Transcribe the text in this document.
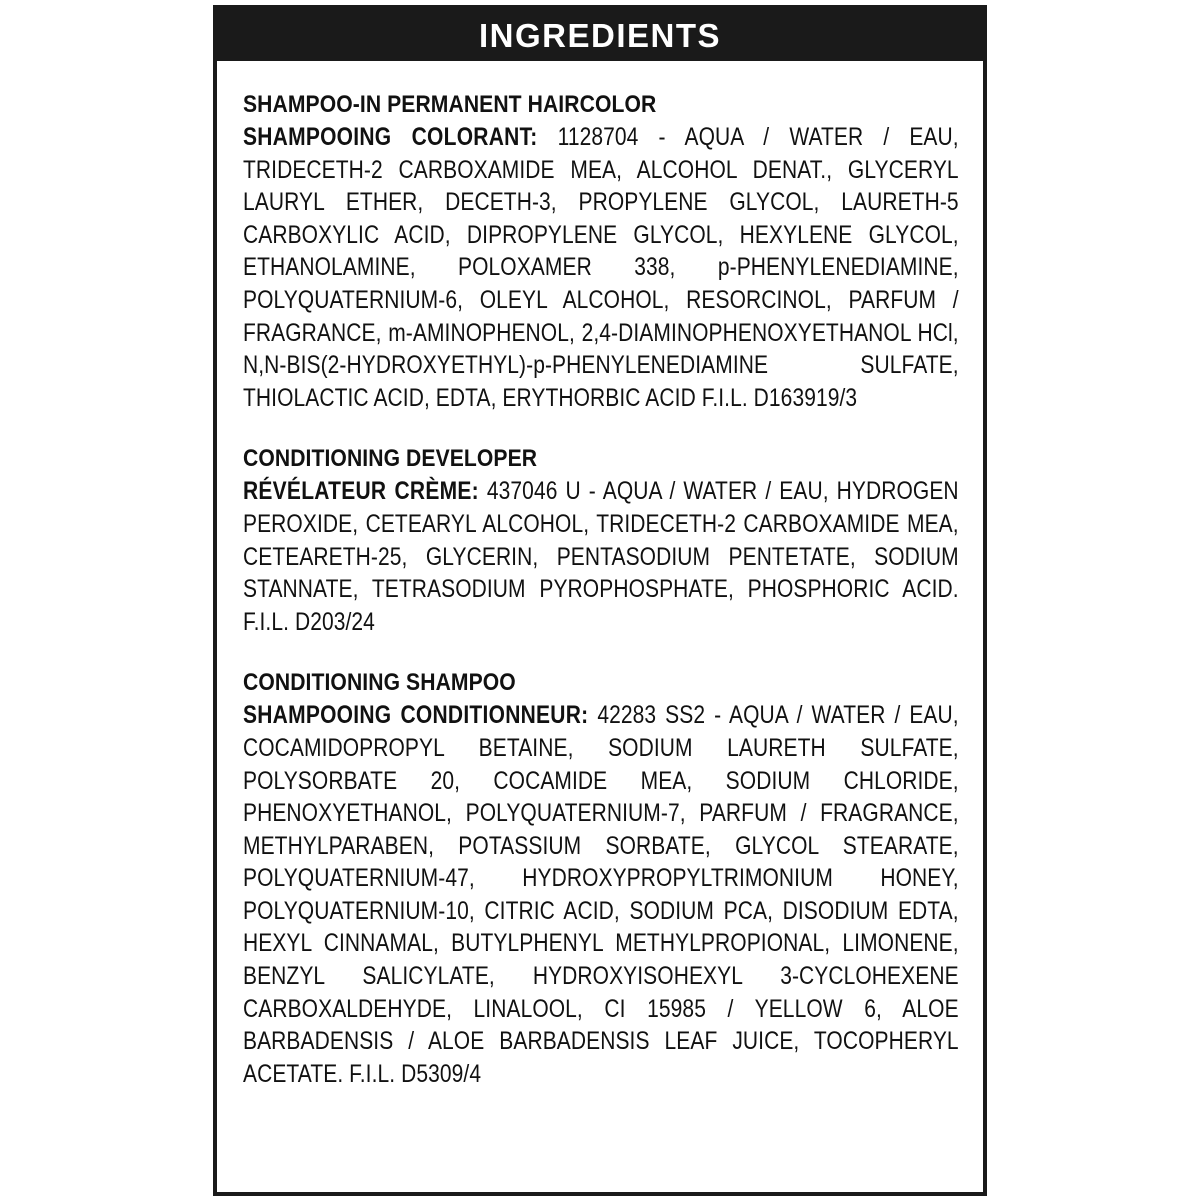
INGREDIENTS
SHAMPOO-IN PERMANENT HAIRCOLOR
SHAMPOOING COLORANT: 1128704 - AQUA / WATER / EAU, TRIDECETH-2 CARBOXAMIDE MEA, ALCOHOL DENAT., GLYCERYL LAURYL ETHER, DECETH-3, PROPYLENE GLYCOL, LAURETH-5 CARBOXYLIC ACID, DIPROPYLENE GLYCOL, HEXYLENE GLYCOL, ETHANOLAMINE, POLOXAMER 338, p-PHENYLENEDIAMINE, POLYQUATERNIUM-6, OLEYL ALCOHOL, RESORCINOL, PARFUM / FRAGRANCE, m-AMINOPHENOL, 2,4-DIAMINOPHENOXYETHANOL HCl, N,N-BIS(2-HYDROXYETHYL)-p-PHENYLENEDIAMINE SULFATE, THIOLACTIC ACID, EDTA, ERYTHORBIC ACID F.I.L. D163919/3
CONDITIONING DEVELOPER
RÉVÉLATEUR CRÈME: 437046 U - AQUA / WATER / EAU, HYDROGEN PEROXIDE, CETEARYL ALCOHOL, TRIDECETH-2 CARBOXAMIDE MEA, CETEARETH-25, GLYCERIN, PENTASODIUM PENTETATE, SODIUM STANNATE, TETRASODIUM PYROPHOSPHATE, PHOSPHORIC ACID. F.I.L. D203/24
CONDITIONING SHAMPOO
SHAMPOOING CONDITIONNEUR: 42283 SS2 - AQUA / WATER / EAU, COCAMIDOPROPYL BETAINE, SODIUM LAURETH SULFATE, POLYSORBATE 20, COCAMIDE MEA, SODIUM CHLORIDE, PHENOXYETHANOL, POLYQUATERNIUM-7, PARFUM / FRAGRANCE, METHYLPARABEN, POTASSIUM SORBATE, GLYCOL STEARATE, POLYQUATERNIUM-47, HYDROXYPROPYLTRIMONIUM HONEY, POLYQUATERNIUM-10, CITRIC ACID, SODIUM PCA, DISODIUM EDTA, HEXYL CINNAMAL, BUTYLPHENYL METHYLPROPIONAL, LIMONENE, BENZYL SALICYLATE, HYDROXYISOHEXYL 3-CYCLOHEXENE CARBOXALDEHYDE, LINALOOL, CI 15985 / YELLOW 6, ALOE BARBADENSIS / ALOE BARBADENSIS LEAF JUICE, TOCOPHERYL ACETATE. F.I.L. D5309/4
